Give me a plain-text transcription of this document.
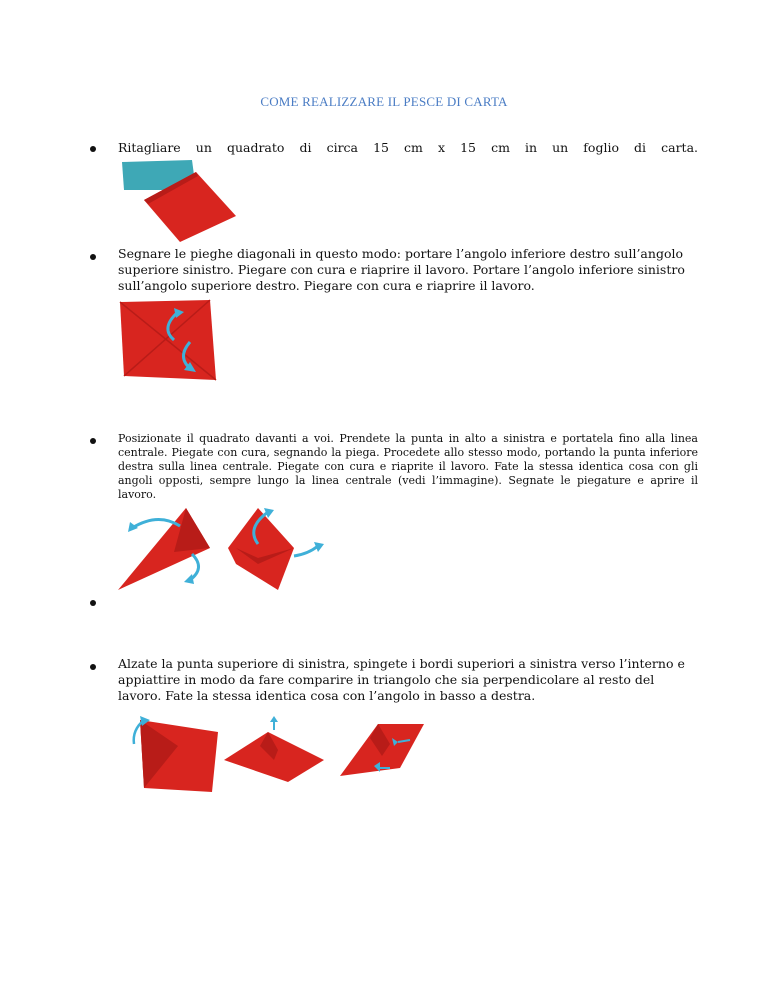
COME REALIZZARE IL PESCE DI CARTA
Ritagliare un quadrato di circa 15 cm x 15 cm in un foglio di carta.
Segnare le pieghe diagonali in questo modo: portare l’angolo inferiore destro sull’angolo superiore sinistro. Piegare con cura e riaprire il lavoro. Portare l’angolo inferiore sinistro sull’angolo superiore destro. Piegare con cura e riaprire il lavoro.
Posizionate il quadrato davanti a voi. Prendete la punta in alto a sinistra e portatela fino alla linea centrale. Piegate con cura, segnando la piega. Procedete allo stesso modo, portando la punta inferiore destra sulla linea centrale. Piegate con cura e riaprite il lavoro. Fate la stessa identica cosa con gli angoli opposti, sempre lungo la linea centrale (vedi l’immagine). Segnate le piegature e aprire il lavoro.
Alzate la punta superiore di sinistra, spingete i bordi superiori a sinistra verso l’interno e appiattire in modo da fare comparire in triangolo che sia perpendicolare al resto del lavoro. Fate la stessa identica cosa con l’angolo in basso a destra.
